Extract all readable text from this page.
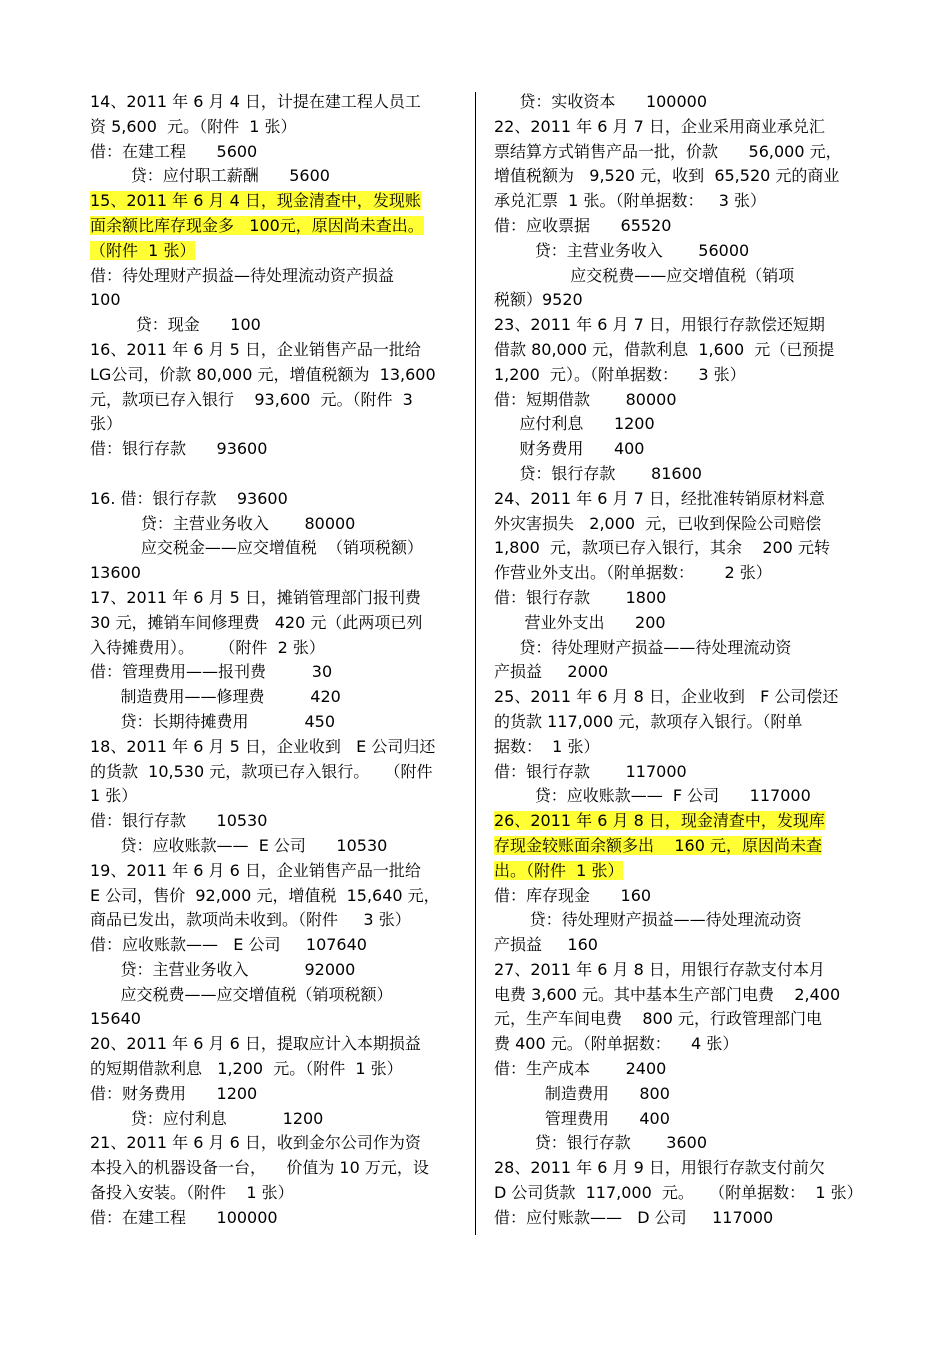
14、2011 年 6 月 4 日，计提在建工程人员工
资 5,600  元。（附件  1 张）
借：在建工程      5600
贷：应付职工薪酬      5600
15、2011 年 6 月 4 日，现金清查中，发现账
面余额比库存现金多   100元，原因尚未查出。
（附件  1 张）
借：待处理财产损益—待处理流动资产损益
100
贷：现金      100
16、2011 年 6 月 5 日，企业销售产品一批给
LG公司，价款 80,000 元，增值税额为  13,600
元，款项已存入银行    93,600  元。（附件  3
张）
借：银行存款      93600
16. 借：银行存款    93600
贷：主营业务收入       80000
应交税金——应交增值税  （销项税额）
13600
17、2011 年 6 月 5 日，摊销管理部门报刊费
30 元，摊销车间修理费   420 元（此两项已列
入待摊费用）。     （附件  2 张）
借：管理费用——报刊费         30
制造费用——修理费         420
贷：长期待摊费用           450
18、2011 年 6 月 5 日，企业收到   E 公司归还
的货款  10,530 元，款项已存入银行。   （附件
1 张）
借：银行存款      10530
贷：应收账款——  E 公司      10530
19、2011 年 6 月 6 日，企业销售产品一批给
E 公司，售价  92,000 元，增值税  15,640 元，
商品已发出，款项尚未收到。（附件     3 张）
借：应收账款——   E 公司     107640
贷：主营业务收入           92000
应交税费——应交增值税（销项税额）
15640
20、2011 年 6 月 6 日，提取应计入本期损益
的短期借款利息   1,200  元。（附件  1 张）
借：财务费用      1200
贷：应付利息           1200
21、2011 年 6 月 6 日，收到金尔公司作为资
本投入的机器设备一台，    价值为 10 万元，设
备投入安装。（附件    1 张）
借：在建工程      100000
贷：实收资本      100000
22、2011 年 6 月 7 日，企业采用商业承兑汇
票结算方式销售产品一批，价款      56,000 元，
增值税额为   9,520 元，收到  65,520 元的商业
承兑汇票  1 张。（附单据数：   3 张）
借：应收票据      65520
贷：主营业务收入       56000
应交税费——应交增值税（销项
税额）9520
23、2011 年 6 月 7 日，用银行存款偿还短期
借款 80,000 元，借款利息  1,600  元（已预提
1,200  元）。（附单据数：    3 张）
借：短期借款       80000
应付利息      1200
财务费用      400
贷：银行存款       81600
24、2011 年 6 月 7 日，经批准转销原材料意
外灾害损失   2,000  元，已收到保险公司赔偿
1,800  元，款项已存入银行，其余    200 元转
作营业外支出。（附单据数：      2 张）
借：银行存款       1800
营业外支出      200
贷：待处理财产损益——待处理流动资
产损益     2000
25、2011 年 6 月 8 日，企业收到   F 公司偿还
的货款 117,000 元，款项存入银行。（附单
据数：  1 张）
借：银行存款       117000
贷：应收账款——  F 公司      117000
26、2011 年 6 月 8 日，现金清查中，发现库
存现金较账面余额多出    160 元，原因尚未查
出。（附件  1 张）
借：库存现金      160
贷：待处理财产损益——待处理流动资
产损益     160
27、2011 年 6 月 8 日，用银行存款支付本月
电费 3,600 元。其中基本生产部门电费    2,400
元，生产车间电费    800 元，行政管理部门电
费 400 元。（附单据数：    4 张）
借：生产成本       2400
制造费用      800
管理费用      400
贷：银行存款       3600
28、2011 年 6 月 9 日，用银行存款支付前欠
D 公司货款  117,000  元。   （附单据数：  1 张）
借：应付账款——   D 公司     117000
